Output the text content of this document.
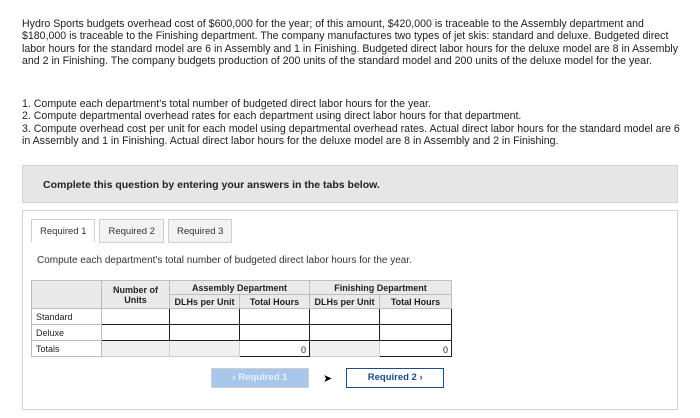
Hydro Sports budgets overhead cost of $600,000 for the year; of this amount, $420,000 is traceable to the Assembly department and $180,000 is traceable to the Finishing department. The company manufactures two types of jet skis: standard and deluxe. Budgeted direct labor hours for the standard model are 6 in Assembly and 1 in Finishing. Budgeted direct labor hours for the deluxe model are 8 in Assembly and 2 in Finishing. The company budgets production of 200 units of the standard model and 200 units of the deluxe model for the year.

1. Compute each department's total number of budgeted direct labor hours for the year.

2. Compute departmental overhead rates for each department using direct labor hours for that department.

3. Compute overhead cost per unit for each model using departmental overhead rates. Actual direct labor hours for the standard model are 6 in Assembly and 1 in Finishing. Actual direct labor hours for the deluxe model are 8 in Assembly and 2 in Finishing.

Complete this question by entering your answers in the tabs below.
Required 1	Required 2	Required 3
Compute each department's total number of budgeted direct labor hours for the year.
	Number of Units	Assembly Department		Finishing Department	
		DLHs per Unit	Total Hours	DLHs per Unit	Total Hours
Standard					
Deluxe					
Totals			0		0
‹ Required 1	➤	Required 2 ›
